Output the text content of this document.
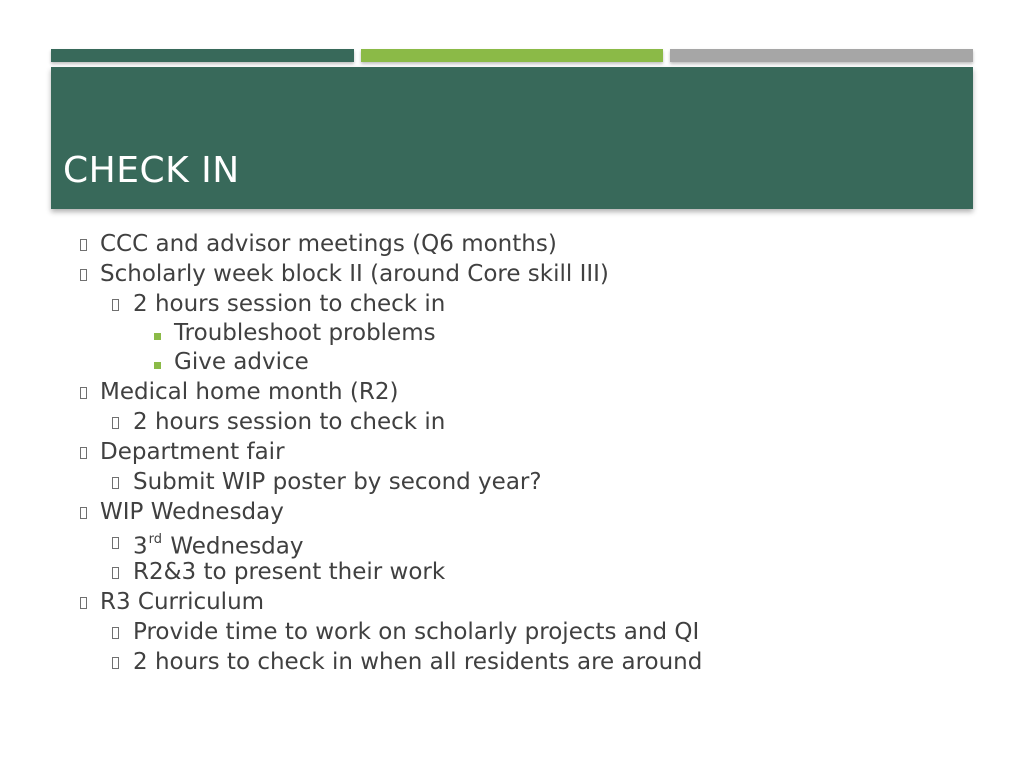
CHECK IN
CCC and advisor meetings (Q6 months)
Scholarly week block II (around Core skill III)
2 hours session to check in
Troubleshoot problems
Give advice
Medical home month (R2)
2 hours session to check in
Department fair
Submit WIP poster by second year?
WIP Wednesday
3rd Wednesday
R2&3 to present their work
R3 Curriculum
Provide time to work on scholarly projects and QI
2 hours to check in when all residents are around
